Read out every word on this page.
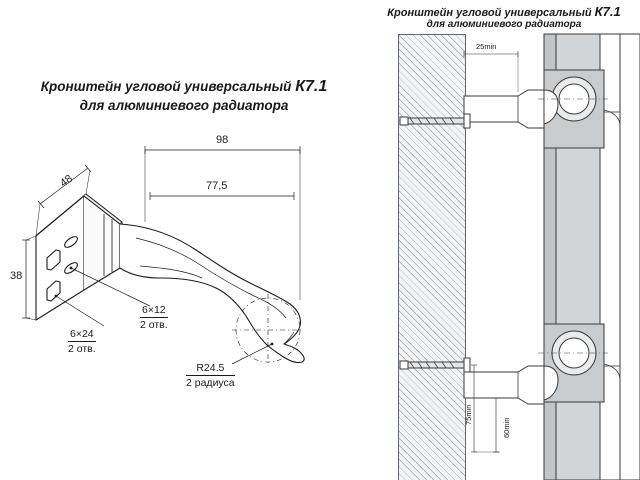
Кронштейн угловой универсальный К7.1
для алюминиевого радиатора
98
77,5
48
38
6×24
2 отв.
6×12
2 отв.
R24.5
2 радиуса
Кронштейн угловой универсальный К7.1
для алюминиевого радиатора
25min
75min
60min
